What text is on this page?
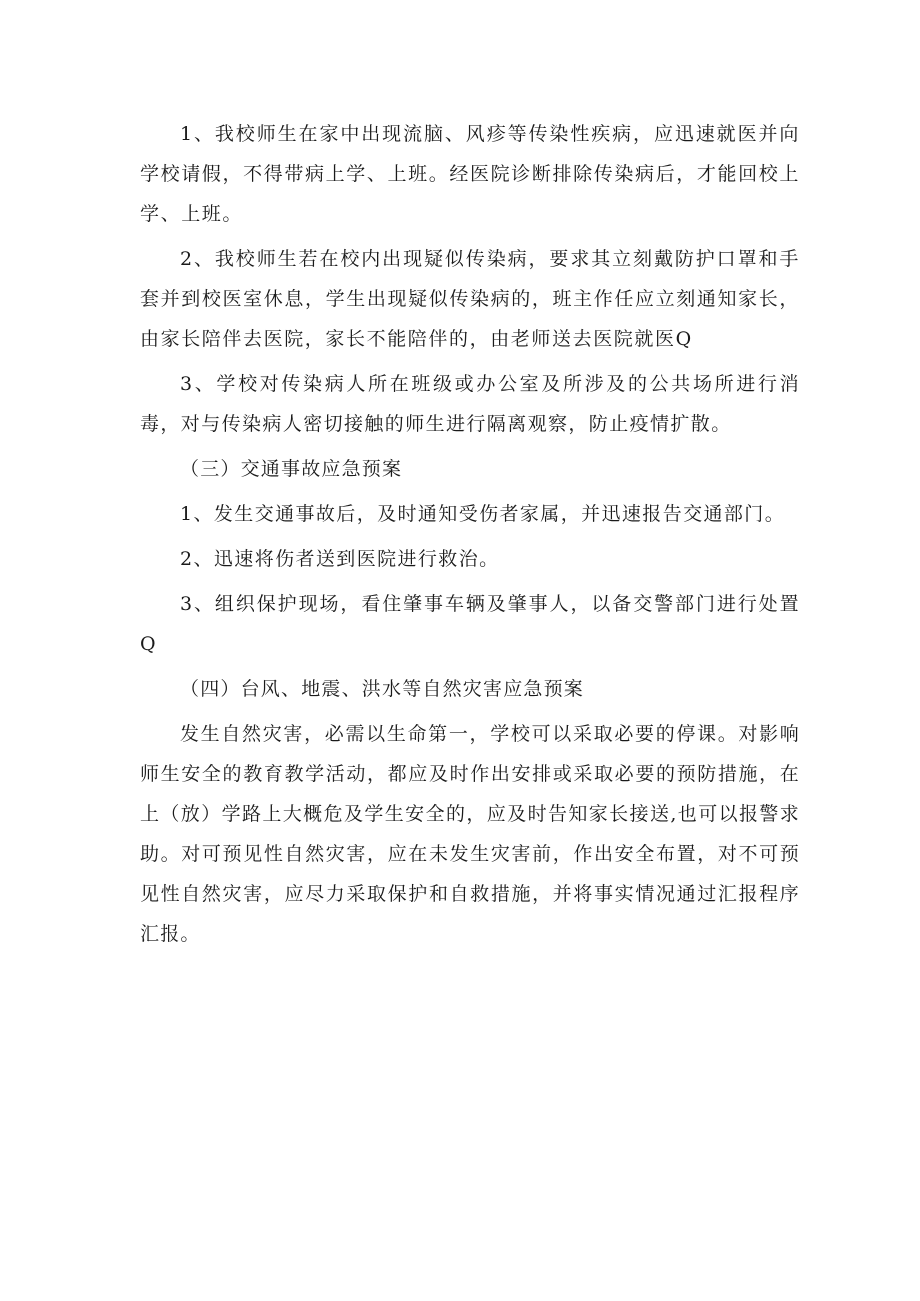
1、我校师生在家中出现流脑、风疹等传染性疾病，应迅速就医并向学校请假，不得带病上学、上班。经医院诊断排除传染病后，才能回校上学、上班。

2、我校师生若在校内出现疑似传染病，要求其立刻戴防护口罩和手套并到校医室休息，学生出现疑似传染病的，班主作任应立刻通知家长，由家长陪伴去医院，家长不能陪伴的，由老师送去医院就医Q

3、学校对传染病人所在班级或办公室及所涉及的公共场所进行消毒，对与传染病人密切接触的师生进行隔离观察，防止疫情扩散。

（三）交通事故应急预案

1、发生交通事故后，及时通知受伤者家属，并迅速报告交通部门。

2、迅速将伤者送到医院进行救治。

3、组织保护现场，看住肇事车辆及肇事人，以备交警部门进行处置Q

（四）台风、地震、洪水等自然灾害应急预案

发生自然灾害，必需以生命第一，学校可以采取必要的停课。对影响师生安全的教育教学活动，都应及时作出安排或采取必要的预防措施，在上（放）学路上大概危及学生安全的，应及时告知家长接送,也可以报警求助。对可预见性自然灾害，应在未发生灾害前，作出安全布置，对不可预见性自然灾害，应尽力采取保护和自救措施，并将事实情况通过汇报程序汇报。
